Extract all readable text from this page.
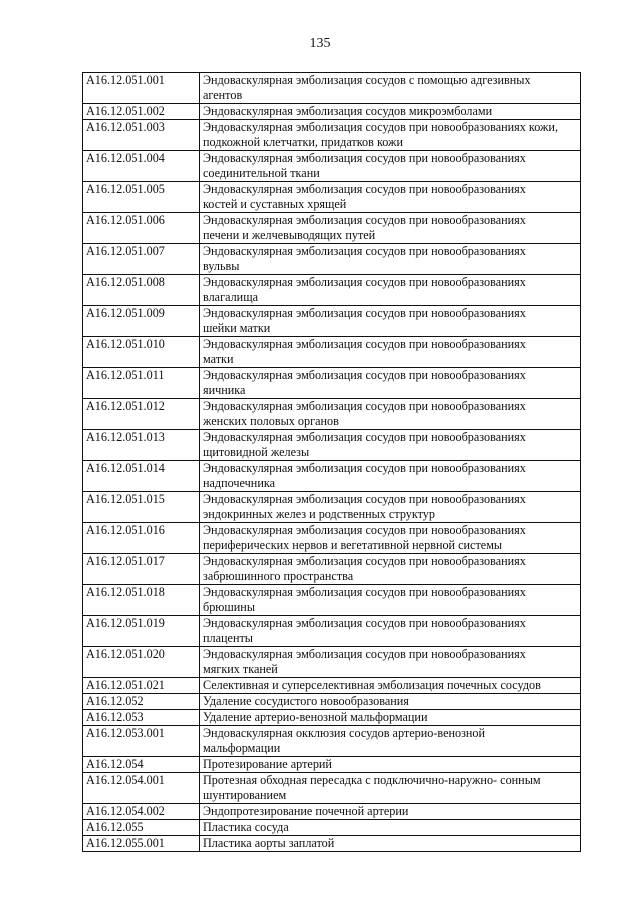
135
A16.12.051.001	Эндоваскулярная эмболизация сосудов с помощью адгезивных
агентов
A16.12.051.002	Эндоваскулярная эмболизация сосудов микроэмболами
A16.12.051.003	Эндоваскулярная эмболизация сосудов при новообразованиях кожи,
подкожной клетчатки, придатков кожи
A16.12.051.004	Эндоваскулярная эмболизация сосудов при новообразованиях
соединительной ткани
A16.12.051.005	Эндоваскулярная эмболизация сосудов при новообразованиях
костей и суставных хрящей
A16.12.051.006	Эндоваскулярная эмболизация сосудов при новообразованиях
печени и желчевыводящих путей
A16.12.051.007	Эндоваскулярная эмболизация сосудов при новообразованиях
вульвы
A16.12.051.008	Эндоваскулярная эмболизация сосудов при новообразованиях
влагалища
A16.12.051.009	Эндоваскулярная эмболизация сосудов при новообразованиях
шейки матки
A16.12.051.010	Эндоваскулярная эмболизация сосудов при новообразованиях
матки
A16.12.051.011	Эндоваскулярная эмболизация сосудов при новообразованиях
яичника
A16.12.051.012	Эндоваскулярная эмболизация сосудов при новообразованиях
женских половых органов
A16.12.051.013	Эндоваскулярная эмболизация сосудов при новообразованиях
щитовидной железы
A16.12.051.014	Эндоваскулярная эмболизация сосудов при новообразованиях
надпочечника
A16.12.051.015	Эндоваскулярная эмболизация сосудов при новообразованиях
эндокринных желез и родственных структур
A16.12.051.016	Эндоваскулярная эмболизация сосудов при новообразованиях
периферических нервов и вегетативной нервной системы
A16.12.051.017	Эндоваскулярная эмболизация сосудов при новообразованиях
забрюшинного пространства
A16.12.051.018	Эндоваскулярная эмболизация сосудов при новообразованиях
брюшины
A16.12.051.019	Эндоваскулярная эмболизация сосудов при новообразованиях
плаценты
A16.12.051.020	Эндоваскулярная эмболизация сосудов при новообразованиях
мягких тканей
A16.12.051.021	Селективная и суперселективная эмболизация почечных сосудов
A16.12.052	Удаление сосудистого новообразования
A16.12.053	Удаление артерио-венозной мальформации
A16.12.053.001	Эндоваскулярная окклюзия сосудов артерио-венозной
мальформации
A16.12.054	Протезирование артерий
A16.12.054.001	Протезная обходная пересадка с подключично-наружно- сонным
шунтированием
A16.12.054.002	Эндопротезирование почечной артерии
A16.12.055	Пластика сосуда
A16.12.055.001	Пластика аорты заплатой
